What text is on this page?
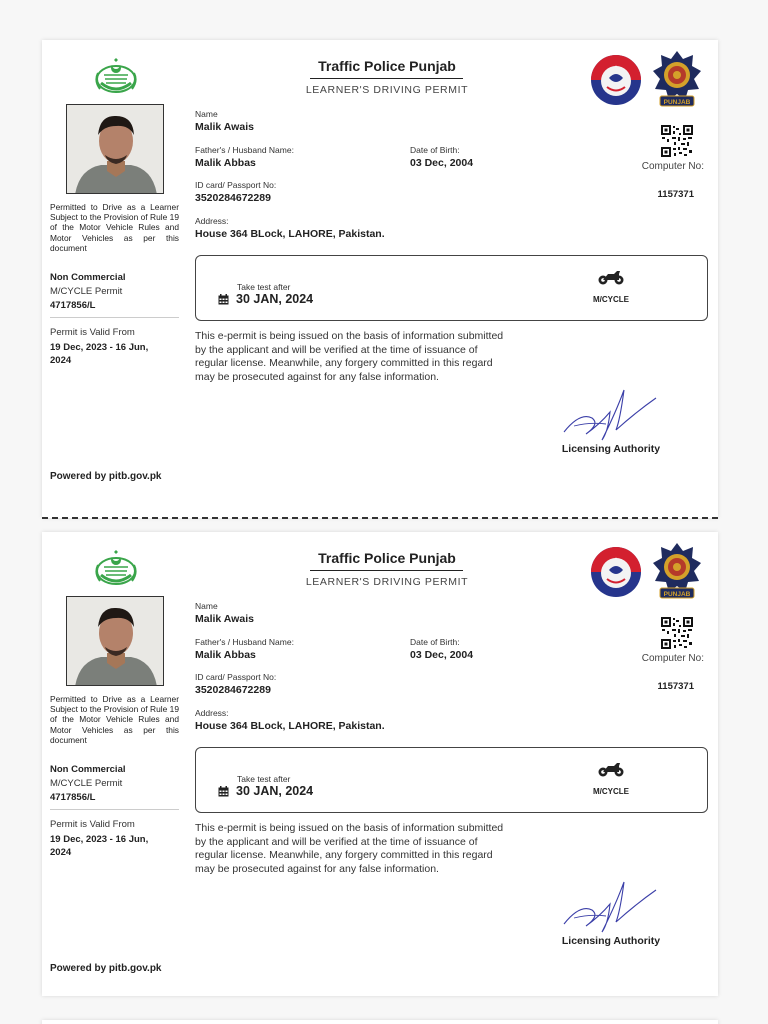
Traffic Police Punjab
LEARNER'S DRIVING PERMIT
PUNJAB
Permitted to Drive as a Learner Subject to the Provision of Rule 19 of the Motor Vehicle Rules and Motor Vehicles as per this document
Non Commercial
M/CYCLE Permit
4717856/L
Permit is Valid From
19 Dec, 2023 - 16 Jun, 2024
Powered by pitb.gov.pk
Name
Malik Awais
Father's / Husband Name:
Malik Abbas
Date of Birth:
03 Dec, 2004
ID card/ Passport No:
3520284672289
Address:
House 364 BLock, LAHORE, Pakistan.
Computer No:
1157371
Take test after
30 JAN, 2024	M/CYCLE
This e-permit is being issued on the basis of information submitted by the applicant and will be verified at the time of issuance of regular license. Meanwhile, any forgery committed in this regard may be prosecuted against for any false information.
Licensing Authority
Traffic Police Punjab
LEARNER'S DRIVING PERMIT
PUNJAB
Permitted to Drive as a Learner Subject to the Provision of Rule 19 of the Motor Vehicle Rules and Motor Vehicles as per this document
Non Commercial
M/CYCLE Permit
4717856/L
Permit is Valid From
19 Dec, 2023 - 16 Jun, 2024
Powered by pitb.gov.pk
Name
Malik Awais
Father's / Husband Name:
Malik Abbas
Date of Birth:
03 Dec, 2004
ID card/ Passport No:
3520284672289
Address:
House 364 BLock, LAHORE, Pakistan.
Computer No:
1157371
Take test after
30 JAN, 2024	M/CYCLE
This e-permit is being issued on the basis of information submitted by the applicant and will be verified at the time of issuance of regular license. Meanwhile, any forgery committed in this regard may be prosecuted against for any false information.
Licensing Authority
